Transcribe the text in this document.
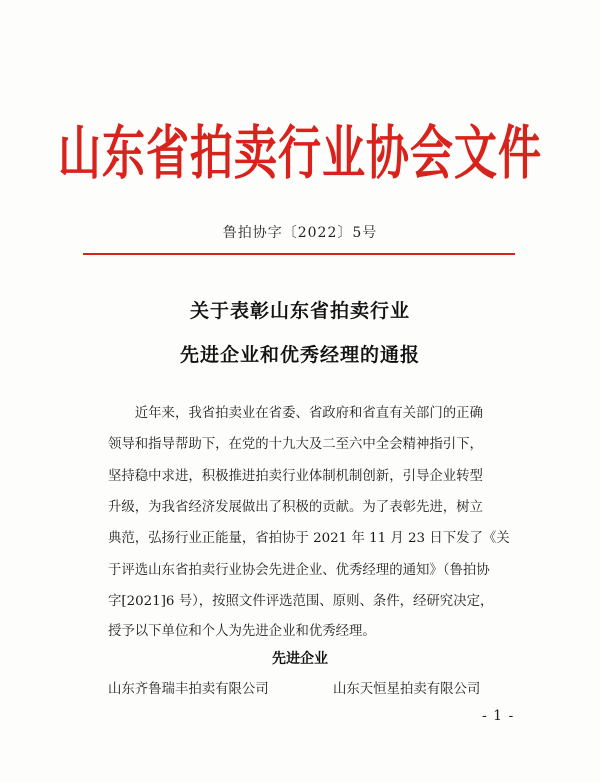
山东省拍卖行业协会文件
鲁拍协字〔2022〕5号
关于表彰山东省拍卖行业
先进企业和优秀经理的通报
　　近年来，我省拍卖业在省委、省政府和省直有关部门的正确
领导和指导帮助下，在党的十九大及二至六中全会精神指引下，
坚持稳中求进，积极推进拍卖行业体制机制创新，引导企业转型
升级，为我省经济发展做出了积极的贡献。为了表彰先进，树立
典范，弘扬行业正能量，省拍协于 2021 年 11 月 23 日下发了《关
于评选山东省拍卖行业协会先进企业、优秀经理的通知》（鲁拍协
字[2021]6 号），按照文件评选范围、原则、条件，经研究决定，
授予以下单位和个人为先进企业和优秀经理。
先进企业
山东齐鲁瑞丰拍卖有限公司	山东天恒星拍卖有限公司
- 1 -
